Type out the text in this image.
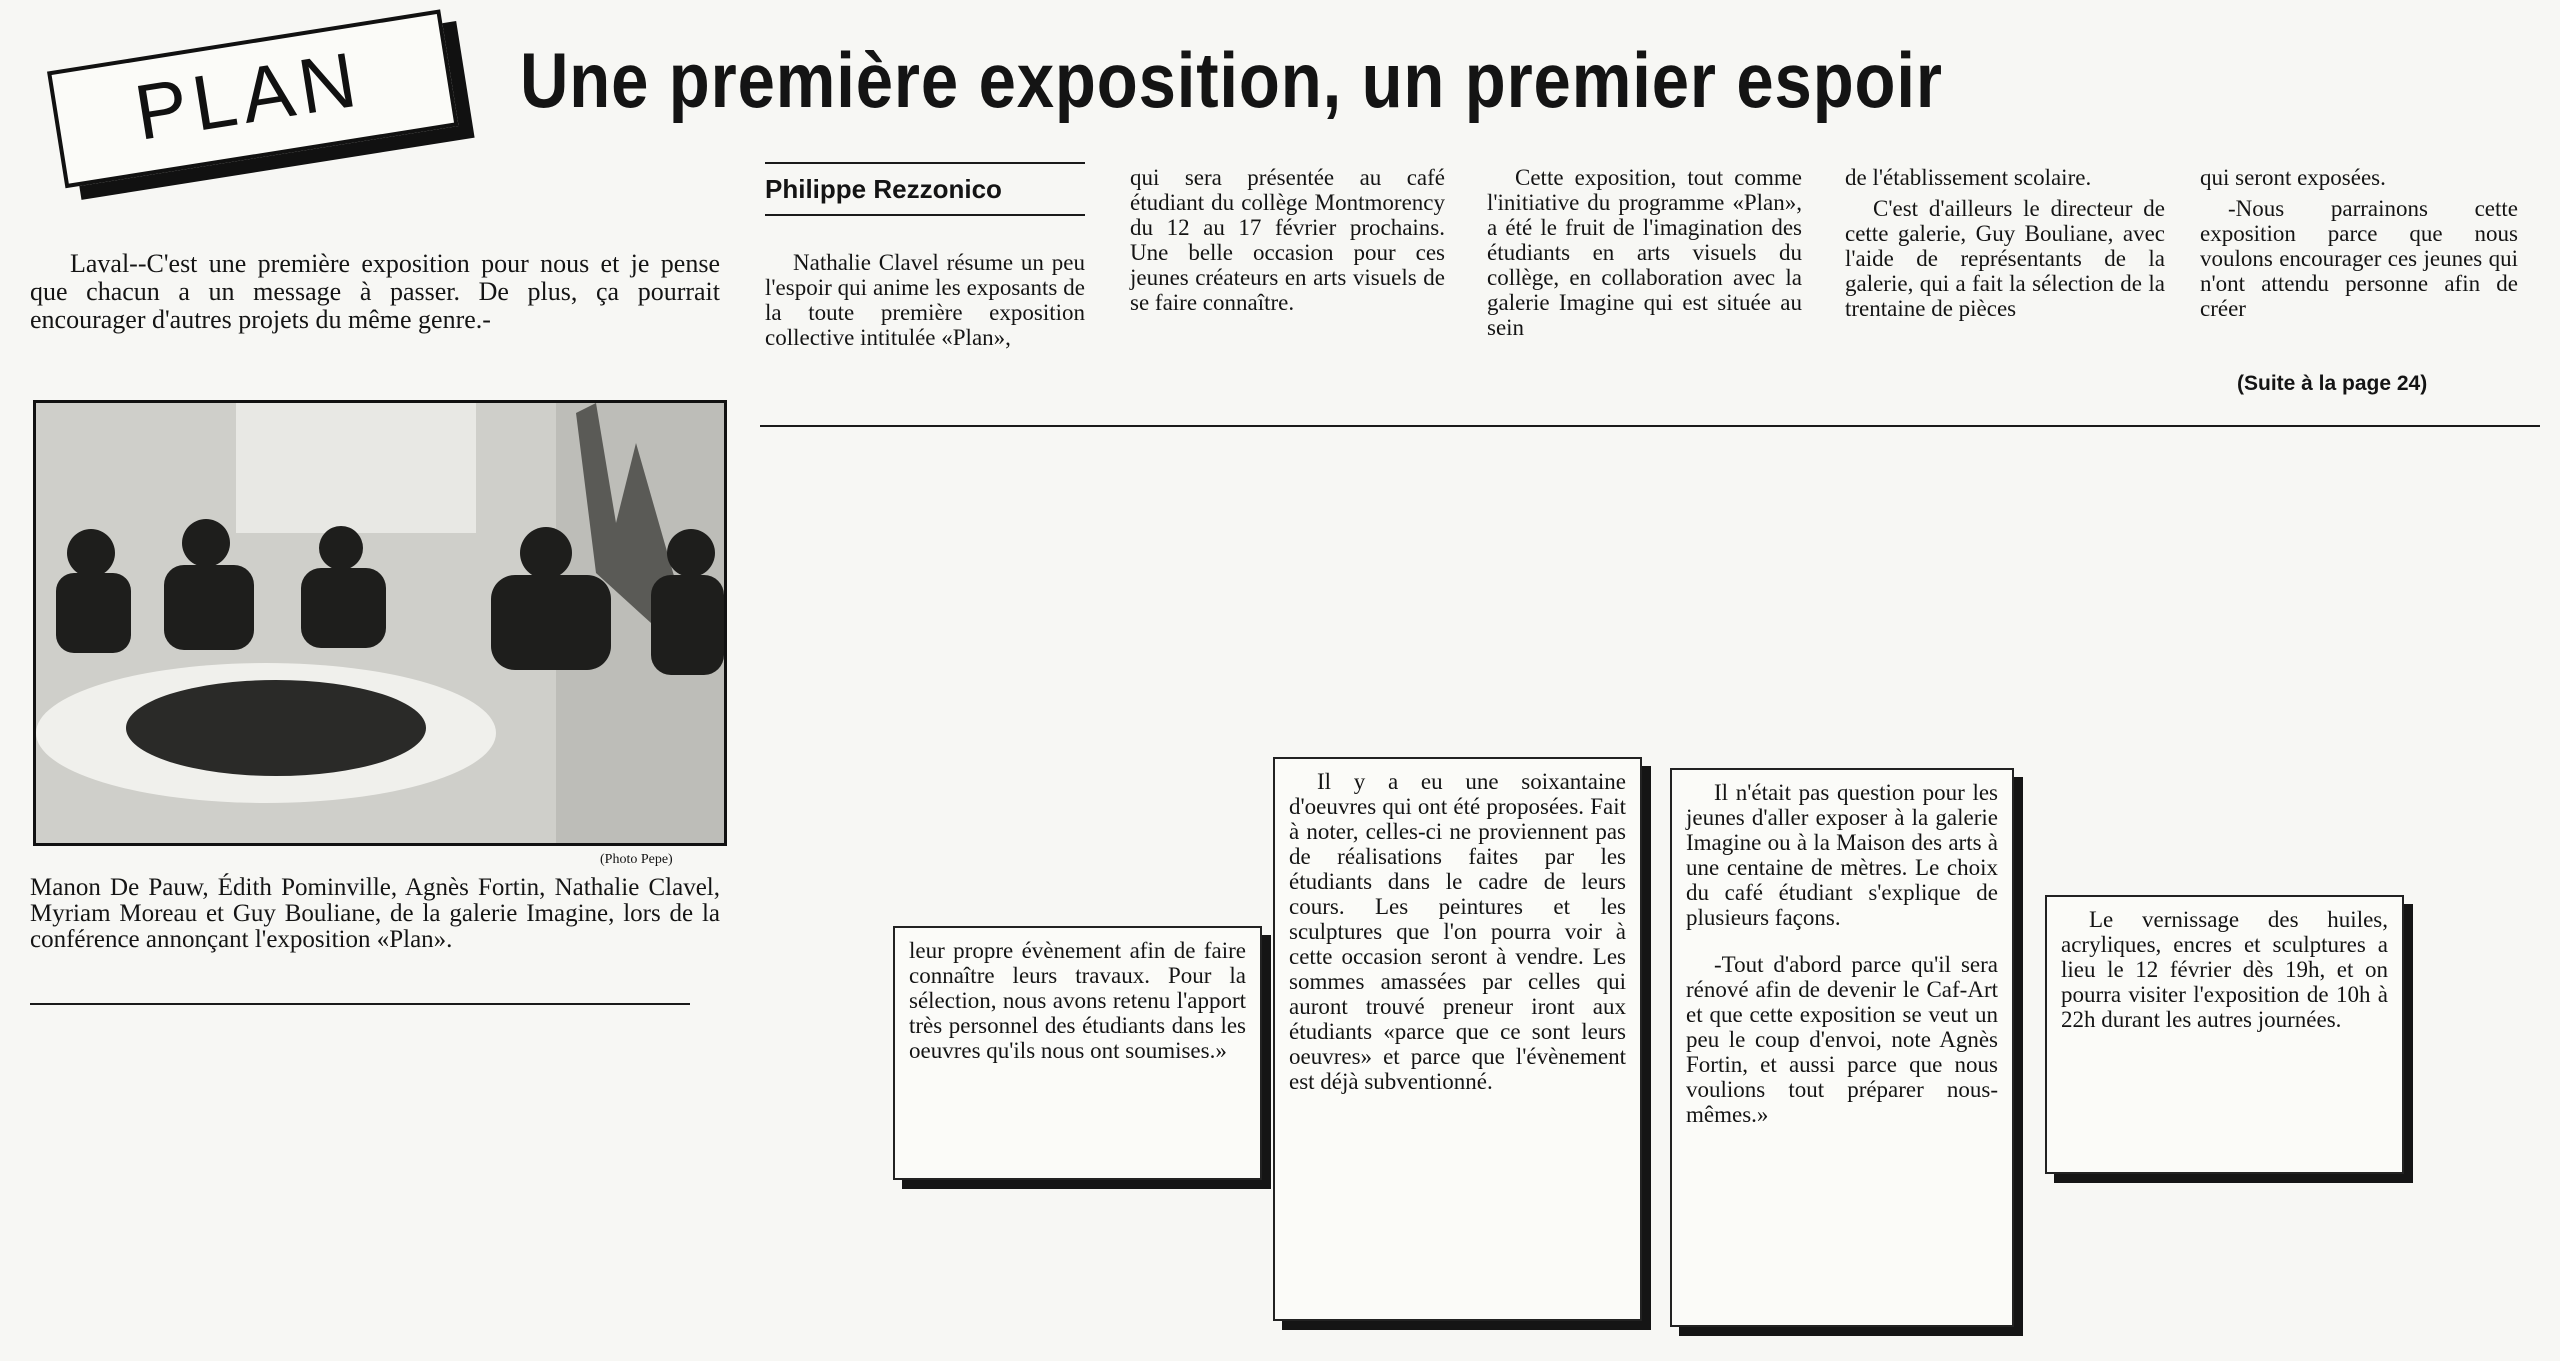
PLAN	Une première exposition, un premier espoir
Philippe Rezzonico

Laval--C'est une première exposition pour nous et je pense que chacun a un message à passer. De plus, ça pourrait encourager d'autres projets du même genre.-

(Photo Pepe)

Manon De Pauw, Édith Pominville, Agnès Fortin, Nathalie Clavel, Myriam Moreau et Guy Bouliane, de la galerie Imagine, lors de la conférence annonçant l'exposition «Plan».

Nathalie Clavel résume un peu l'espoir qui anime les exposants de la toute première exposition collective intitulée «Plan»,

qui sera présentée au café étudiant du collège Montmorency du 12 au 17 février prochains. Une belle occasion pour ces jeunes créateurs en arts visuels de se faire connaître.

Cette exposition, tout comme l'initiative du programme «Plan», a été le fruit de l'imagination des étudiants en arts visuels du collège, en collaboration avec la galerie Imagine qui est située au sein

de l'établissement scolaire.

C'est d'ailleurs le directeur de cette galerie, Guy Bouliane, avec l'aide de représentants de la galerie, qui a fait la sélection de la trentaine de pièces

qui seront exposées.

-Nous parrainons cette exposition parce que nous voulons encourager ces jeunes qui n'ont attendu personne afin de créer

(Suite à la page 24)

leur propre évènement afin de faire connaître leurs travaux. Pour la sélection, nous avons retenu l'apport très personnel des étudiants dans les oeuvres qu'ils nous ont soumises.»

Il y a eu une soixantaine d'oeuvres qui ont été proposées. Fait à noter, celles-ci ne proviennent pas de réalisations faites par les étudiants dans le cadre de leurs cours. Les peintures et les sculptures que l'on pourra voir à cette occasion seront à vendre. Les sommes amassées par celles qui auront trouvé preneur iront aux étudiants «parce que ce sont leurs oeuvres» et parce que l'évènement est déjà subventionné.

Il n'était pas question pour les jeunes d'aller exposer à la galerie Imagine ou à la Maison des arts à une centaine de mètres. Le choix du café étudiant s'explique de plusieurs façons.

-Tout d'abord parce qu'il sera rénové afin de devenir le Caf-Art et que cette exposition se veut un peu le coup d'envoi, note Agnès Fortin, et aussi parce que nous voulions tout préparer nous-mêmes.»

Le vernissage des huiles, acryliques, encres et sculptures a lieu le 12 février dès 19h, et on pourra visiter l'exposition de 10h à 22h durant les autres journées.
